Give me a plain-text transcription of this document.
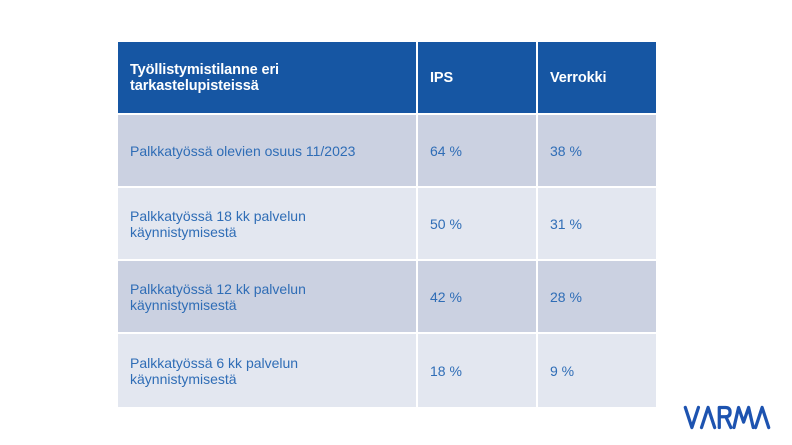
Työllistymistilanne eri tarkastelupisteissä	IPS	Verrokki
Palkkatyössä olevien osuus 11/2023	64 %	38 %
Palkkatyössä 18 kk palvelun käynnistymisestä	50 %	31 %
Palkkatyössä 12 kk palvelun käynnistymisestä	42 %	28 %
Palkkatyössä 6 kk palvelun käynnistymisestä	18 %	9 %
